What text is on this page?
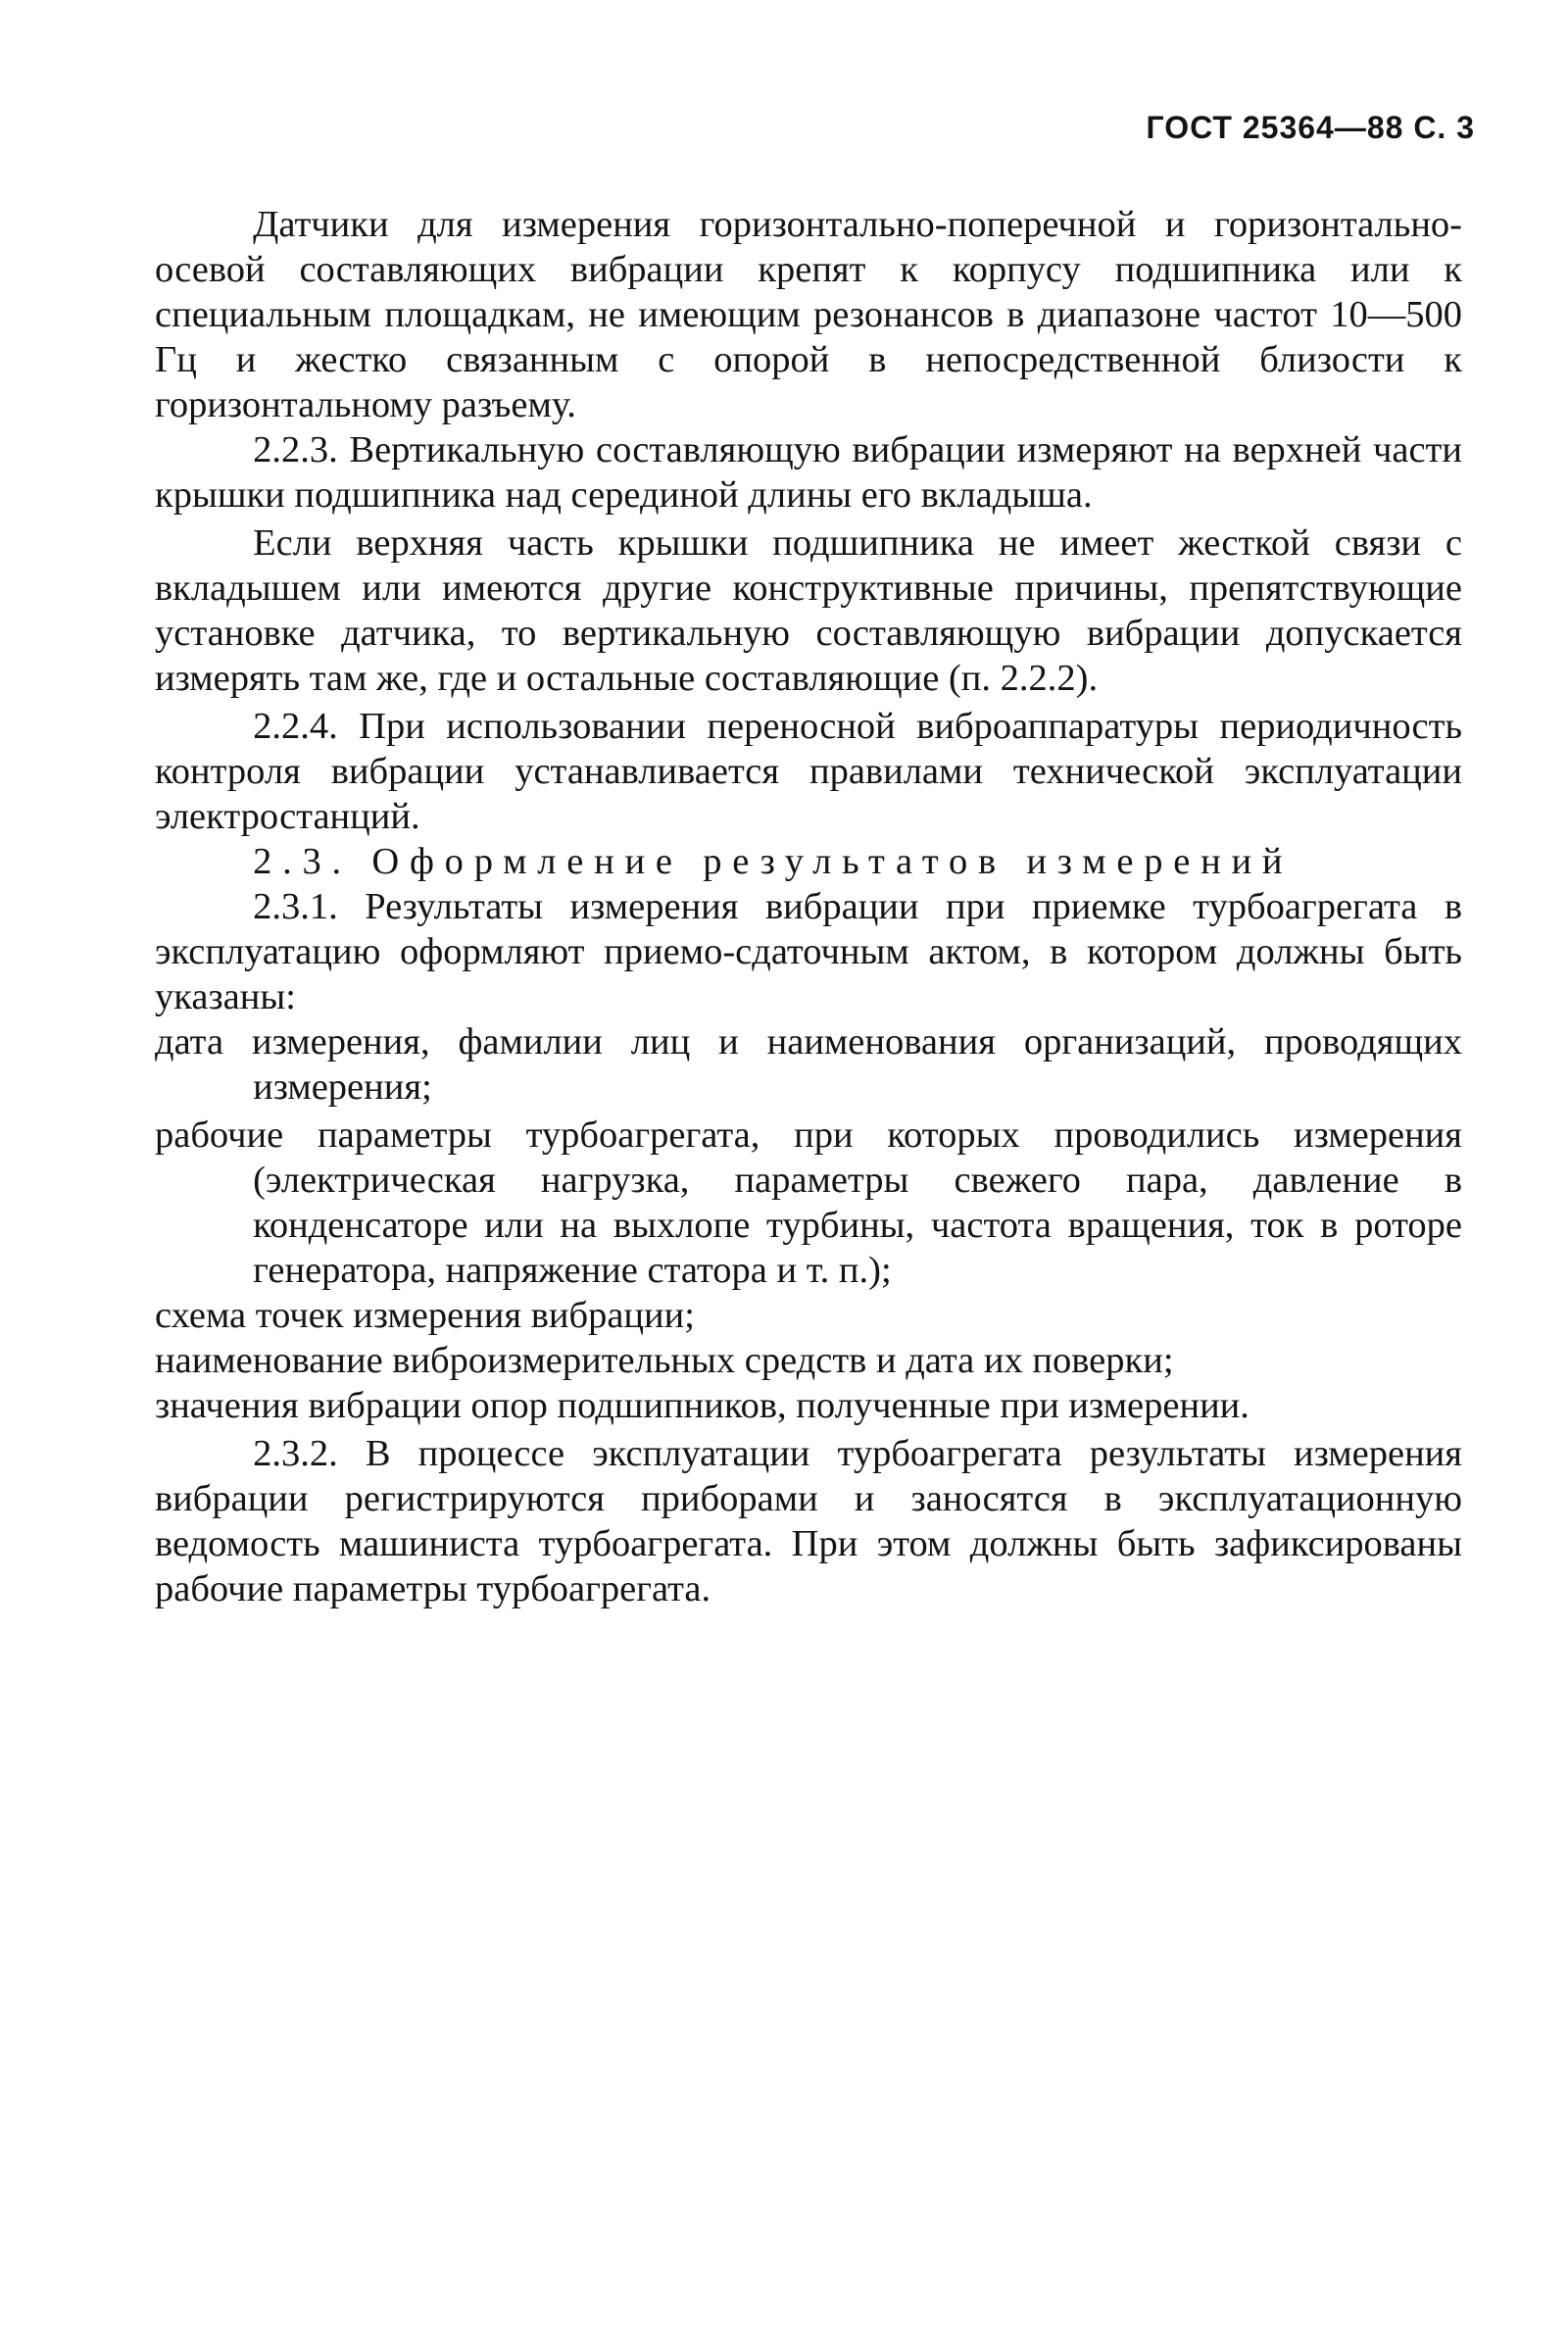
ГОСТ 25364—88 С. 3

Датчики для измерения горизонтально-поперечной и горизонтально-осевой составляющих вибрации крепят к корпусу подшипника или к специальным площадкам, не имеющим резонансов в диапазоне частот 10—500 Гц и жестко связанным с опорой в непосредственной близости к горизонтальному разъему.

2.2.3. Вертикальную составляющую вибрации измеряют на верхней части крышки подшипника над серединой длины его вкладыша.

Если верхняя часть крышки подшипника не имеет жесткой связи с вкладышем или имеются другие конструктивные причины, препятствующие установке датчика, то вертикальную составляющую вибрации допускается измерять там же, где и остальные составляющие (п. 2.2.2).

2.2.4. При использовании переносной виброаппаратуры периодичность контроля вибрации устанавливается правилами технической эксплуатации электростанций.

2.3. Оформление результатов измерений

2.3.1. Результаты измерения вибрации при приемке турбоагрегата в эксплуатацию оформляют приемо-сдаточным актом, в котором должны быть указаны:

дата измерения, фамилии лиц и наименования организаций, проводящих измерения;

рабочие параметры турбоагрегата, при которых проводились измерения (электрическая нагрузка, параметры свежего пара, давление в конденсаторе или на выхлопе турбины, частота вращения, ток в роторе генератора, напряжение статора и т. п.);

схема точек измерения вибрации;

наименование виброизмерительных средств и дата их поверки;

значения вибрации опор подшипников, полученные при измерении.

2.3.2. В процессе эксплуатации турбоагрегата результаты измерения вибрации регистрируются приборами и заносятся в эксплуатационную ведомость машиниста турбоагрегата. При этом должны быть зафиксированы рабочие параметры турбоагрегата.
